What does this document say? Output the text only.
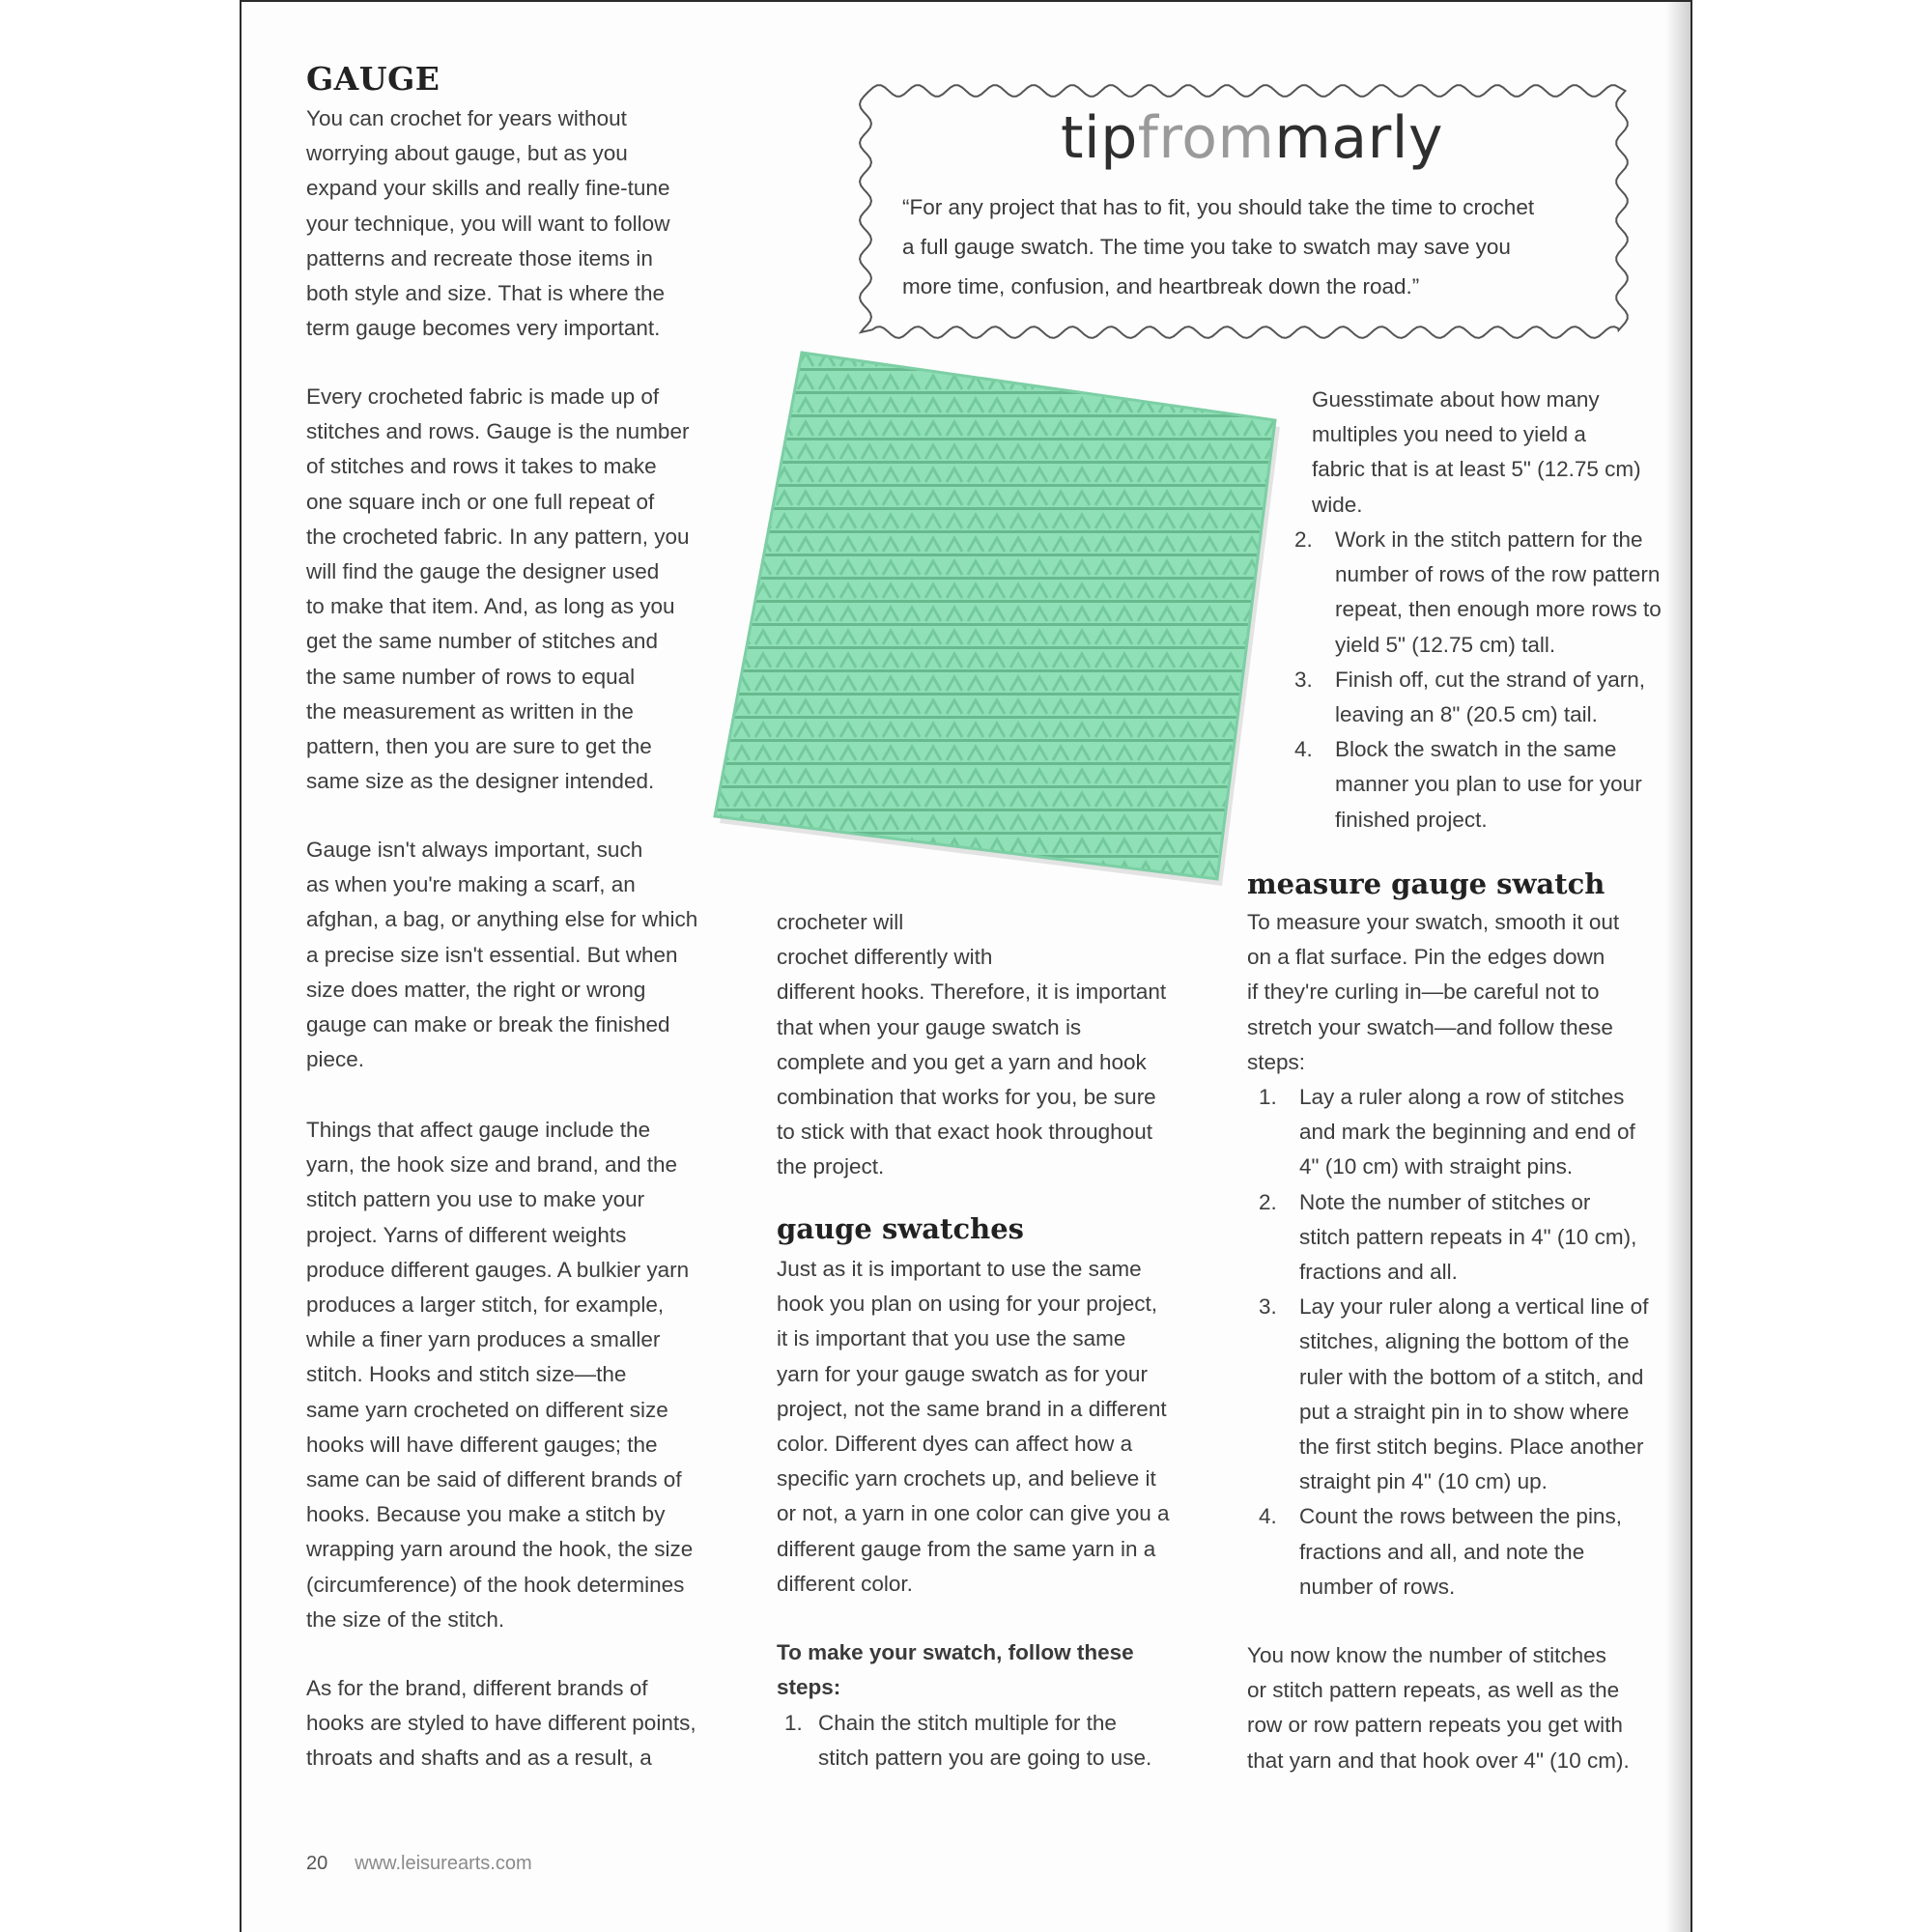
GAUGE
You can crochet for years without
worrying about gauge, but as you
expand your skills and really fine-tune
your technique, you will want to follow
patterns and recreate those items in
both style and size. That is where the
term gauge becomes very important.
Every crocheted fabric is made up of
stitches and rows. Gauge is the number
of stitches and rows it takes to make
one square inch or one full repeat of
the crocheted fabric. In any pattern, you
will find the gauge the designer used
to make that item. And, as long as you
get the same number of stitches and
the same number of rows to equal
the measurement as written in the
pattern, then you are sure to get the
same size as the designer intended.
Gauge isn't always important, such
as when you're making a scarf, an
afghan, a bag, or anything else for which
a precise size isn't essential. But when
size does matter, the right or wrong
gauge can make or break the finished
piece.
Things that affect gauge include the
yarn, the hook size and brand, and the
stitch pattern you use to make your
project. Yarns of different weights
produce different gauges. A bulkier yarn
produces a larger stitch, for example,
while a finer yarn produces a smaller
stitch. Hooks and stitch size—the
same yarn crocheted on different size
hooks will have different gauges; the
same can be said of different brands of
hooks. Because you make a stitch by
wrapping yarn around the hook, the size
(circumference) of the hook determines
the size of the stitch.
As for the brand, different brands of
hooks are styled to have different points,
throats and shafts and as a result, a
tipfrommarly
“For any project that has to fit, you should take the time to crochet
a full gauge swatch. The time you take to swatch may save you
more time, confusion, and heartbreak down the road.”
crocheter will
crochet differently with
different hooks. Therefore, it is important
that when your gauge swatch is
complete and you get a yarn and hook
combination that works for you, be sure
to stick with that exact hook throughout
the project.
gauge swatches
Just as it is important to use the same
hook you plan on using for your project,
it is important that you use the same
yarn for your gauge swatch as for your
project, not the same brand in a different
color. Different dyes can affect how a
specific yarn crochets up, and believe it
or not, a yarn in one color can give you a
different gauge from the same yarn in a
different color.
To make your swatch, follow these
steps:
1. Chain the stitch multiple for the
stitch pattern you are going to use.
Guesstimate about how many
multiples you need to yield a
fabric that is at least 5" (12.75 cm)
wide.
2. Work in the stitch pattern for the
number of rows of the row pattern
repeat, then enough more rows to
yield 5" (12.75 cm) tall.
3. Finish off, cut the strand of yarn,
leaving an 8" (20.5 cm) tail.
4. Block the swatch in the same
manner you plan to use for your
finished project.
measure gauge swatch
To measure your swatch, smooth it out
on a flat surface. Pin the edges down
if they're curling in—be careful not to
stretch your swatch—and follow these
steps:
1. Lay a ruler along a row of stitches
and mark the beginning and end of
4" (10 cm) with straight pins.
2. Note the number of stitches or
stitch pattern repeats in 4" (10 cm),
fractions and all.
3. Lay your ruler along a vertical line of
stitches, aligning the bottom of the
ruler with the bottom of a stitch, and
put a straight pin in to show where
the first stitch begins. Place another
straight pin 4" (10 cm) up.
4. Count the rows between the pins,
fractions and all, and note the
number of rows.
You now know the number of stitches
or stitch pattern repeats, as well as the
row or row pattern repeats you get with
that yarn and that hook over 4" (10 cm).
20 www.leisurearts.com
